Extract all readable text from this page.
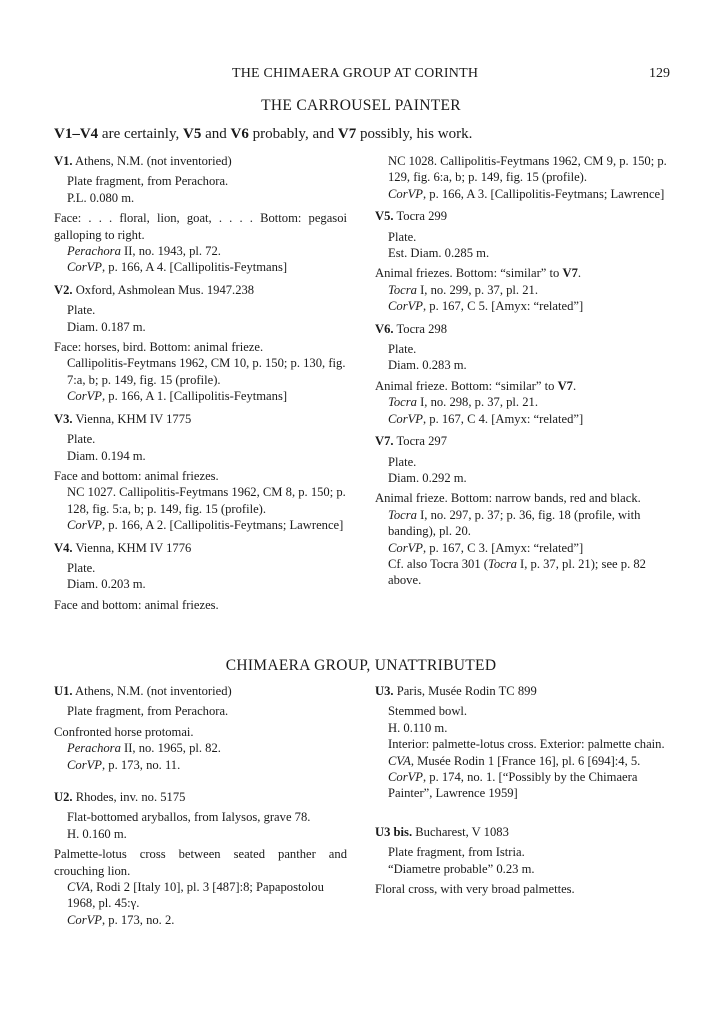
THE CHIMAERA GROUP AT CORINTH	129
THE CARROUSEL PAINTER
V1–V4 are certainly, V5 and V6 probably, and V7 possibly, his work.
V1. Athens, N.M. (not inventoried)
Plate fragment, from Perachora.
P.L. 0.080 m.
Face: . . . floral, lion, goat, . . . . Bottom: pegasoi galloping to right.
Perachora II, no. 1943, pl. 72.
CorVP, p. 166, A 4. [Callipolitis-Feytmans]
V2. Oxford, Ashmolean Mus. 1947.238
Plate.
Diam. 0.187 m.
Face: horses, bird. Bottom: animal frieze.
Callipolitis-Feytmans 1962, CM 10, p. 150; p. 130, fig. 7:a, b; p. 149, fig. 15 (profile).
CorVP, p. 166, A 1. [Callipolitis-Feytmans]
V3. Vienna, KHM IV 1775
Plate.
Diam. 0.194 m.
Face and bottom: animal friezes.
NC 1027. Callipolitis-Feytmans 1962, CM 8, p. 150; p. 128, fig. 5:a, b; p. 149, fig. 15 (profile).
CorVP, p. 166, A 2. [Callipolitis-Feytmans; Lawrence]
V4. Vienna, KHM IV 1776
Plate.
Diam. 0.203 m.
Face and bottom: animal friezes.
NC 1028. Callipolitis-Feytmans 1962, CM 9, p. 150; p. 129, fig. 6:a, b; p. 149, fig. 15 (profile).
CorVP, p. 166, A 3. [Callipolitis-Feytmans; Lawrence]
V5. Tocra 299
Plate.
Est. Diam. 0.285 m.
Animal friezes. Bottom: “similar” to V7.
Tocra I, no. 299, p. 37, pl. 21.
CorVP, p. 167, C 5. [Amyx: “related”]
V6. Tocra 298
Plate.
Diam. 0.283 m.
Animal frieze. Bottom: “similar” to V7.
Tocra I, no. 298, p. 37, pl. 21.
CorVP, p. 167, C 4. [Amyx: “related”]
V7. Tocra 297
Plate.
Diam. 0.292 m.
Animal frieze. Bottom: narrow bands, red and black.
Tocra I, no. 297, p. 37; p. 36, fig. 18 (profile, with banding), pl. 20.
CorVP, p. 167, C 3. [Amyx: “related”]
Cf. also Tocra 301 (Tocra I, p. 37, pl. 21); see p. 82 above.
CHIMAERA GROUP, UNATTRIBUTED
U1. Athens, N.M. (not inventoried)
Plate fragment, from Perachora.
Confronted horse protomai.
Perachora II, no. 1965, pl. 82.
CorVP, p. 173, no. 11.
U2. Rhodes, inv. no. 5175
Flat-bottomed aryballos, from Ialysos, grave 78.
H. 0.160 m.
Palmette-lotus cross between seated panther and crouching lion.
CVA, Rodi 2 [Italy 10], pl. 3 [487]:8; Papapostolou 1968, pl. 45:γ.
CorVP, p. 173, no. 2.
U3. Paris, Musée Rodin TC 899
Stemmed bowl.
H. 0.110 m.
Interior: palmette-lotus cross. Exterior: palmette chain.
CVA, Musée Rodin 1 [France 16], pl. 6 [694]:4, 5.
CorVP, p. 174, no. 1. [“Possibly by the Chimaera Painter”, Lawrence 1959]
U3 bis. Bucharest, V 1083
Plate fragment, from Istria.
“Diametre probable” 0.23 m.
Floral cross, with very broad palmettes.
